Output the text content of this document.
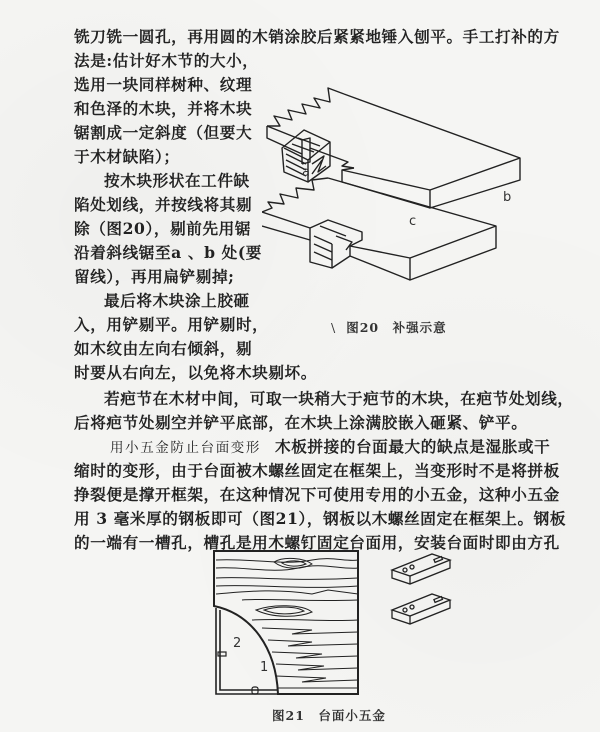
铣刀铣一圆孔，再用圆的木销涂胶后紧紧地锤入刨平。手工打补的方
法是:估计好木节的大小，
选用一块同样树种、纹理
和色泽的木块，并将木块
锯割成一定斜度（但要大
于木材缺陷）；
按木块形状在工件缺
陷处划线，并按线将其剔
除（图20），剔前先用锯
沿着斜线锯至a 、b 处(要
留线），再用扁铲剔掉;
最后将木块涂上胶砸
入，用铲剔平。用铲剔时，
如木纹由左向右倾斜，剔
时要从右向左，以免将木块剔坏。
a
b
c
\ 图20　补强示意
若疤节在木材中间，可取一块稍大于疤节的木块，在疤节处划线，
后将疤节处剔空并铲平底部，在木块上涂满胶嵌入砸紧、铲平。
用小五金防止台面变形 木板拼接的台面最大的缺点是湿胀或干
缩时的变形，由于台面被木螺丝固定在框架上，当变形时不是将拼板
挣裂便是撑开框架，在这种情况下可使用专用的小五金，这种小五金
用 3 毫米厚的钢板即可（图21），钢板以木螺丝固定在框架上。钢板
的一端有一槽孔，槽孔是用木螺钉固定台面用，安装台面时即由方孔
2
1
图21　台面小五金
